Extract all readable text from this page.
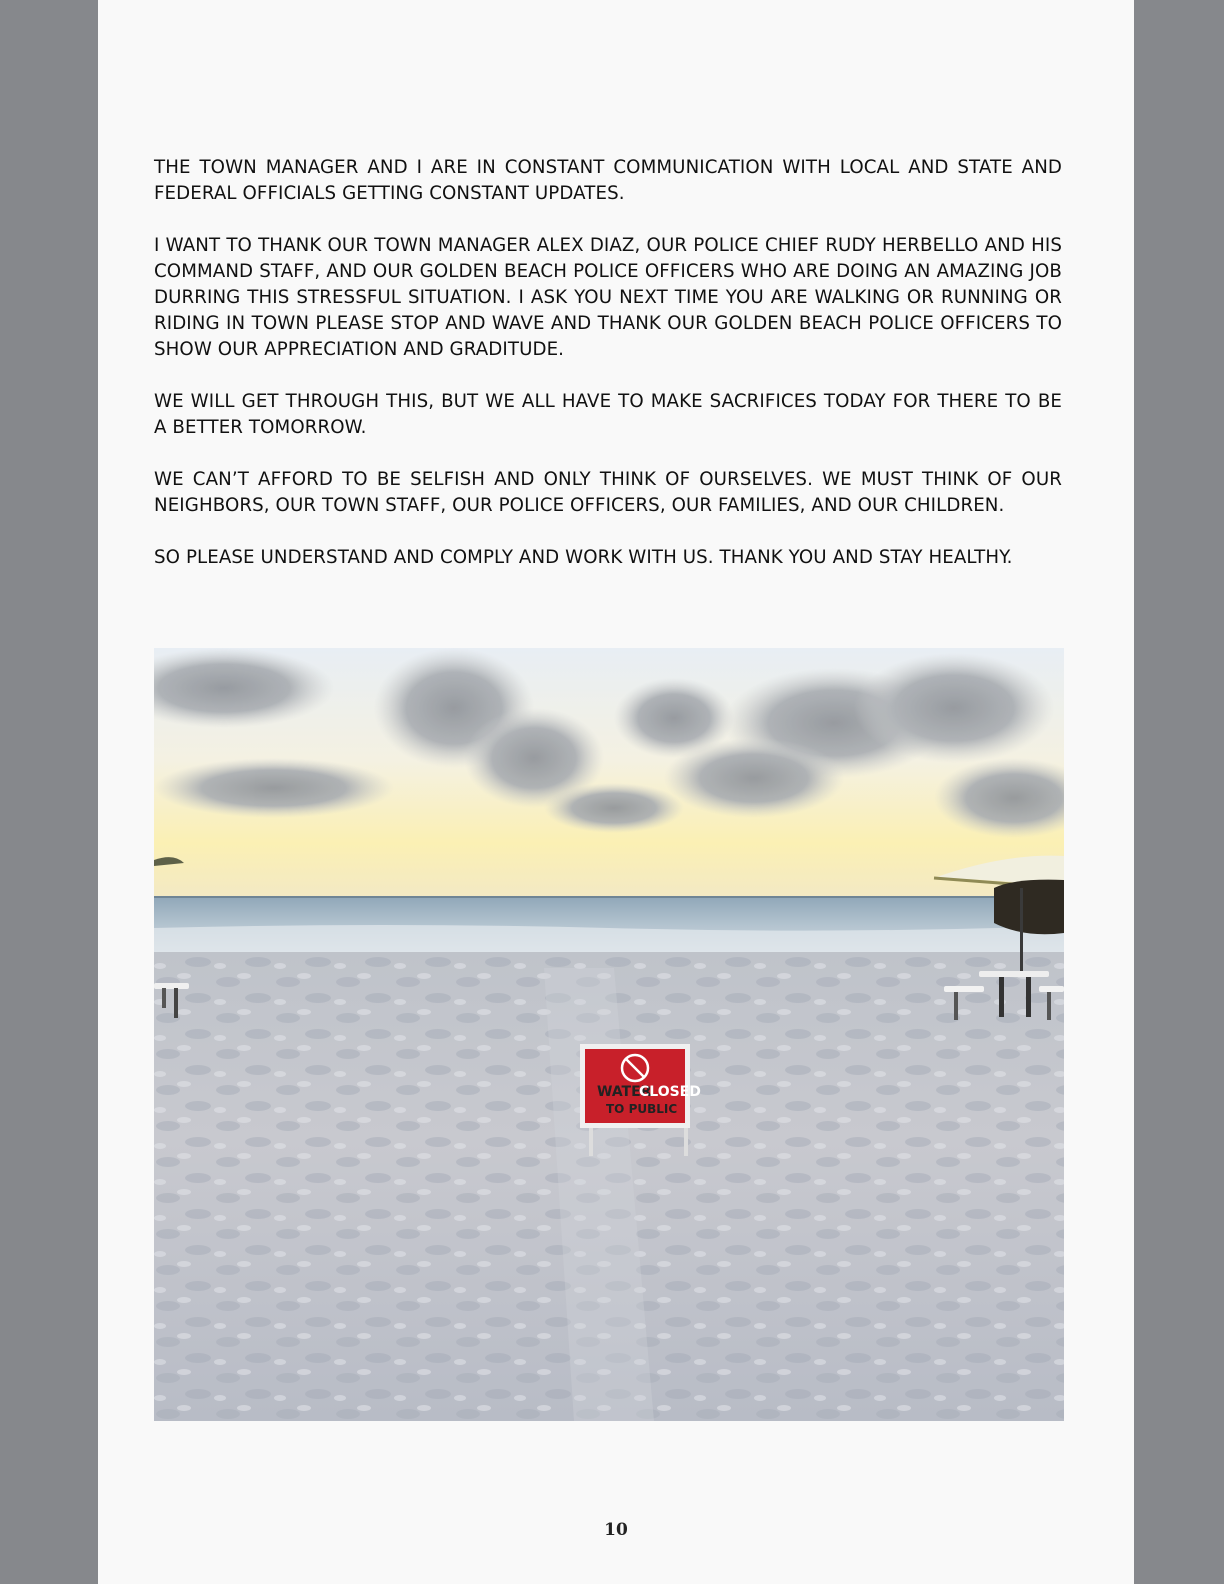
THE TOWN MANAGER AND I ARE IN CONSTANT COMMUNICATION WITH LOCAL AND STATE AND FEDERAL OFFICIALS GETTING CONSTANT UPDATES.

I WANT TO THANK OUR TOWN MANAGER ALEX DIAZ, OUR POLICE CHIEF RUDY HERBELLO AND HIS COMMAND STAFF, AND OUR GOLDEN BEACH POLICE OFFICERS WHO ARE DOING AN AMAZING JOB DURRING THIS STRESSFUL SITUATION. I ASK YOU NEXT TIME YOU ARE WALKING OR RUNNING OR RIDING IN TOWN PLEASE STOP AND WAVE AND THANK OUR GOLDEN BEACH POLICE OFFICERS TO SHOW OUR APPRECIATION AND GRADITUDE.

WE WILL GET THROUGH THIS, BUT WE ALL HAVE TO MAKE SACRIFICES TODAY FOR THERE TO BE A BETTER TOMORROW.

WE CAN’T AFFORD TO BE SELFISH AND ONLY THINK OF OURSELVES. WE MUST THINK OF OUR NEIGHBORS, OUR TOWN STAFF, OUR POLICE OFFICERS, OUR FAMILIES, AND OUR CHILDREN.

SO PLEASE UNDERSTAND AND COMPLY AND WORK WITH US. THANK YOU AND STAY HEALTHY.

WATER
CLOSED
TO PUBLIC
10
